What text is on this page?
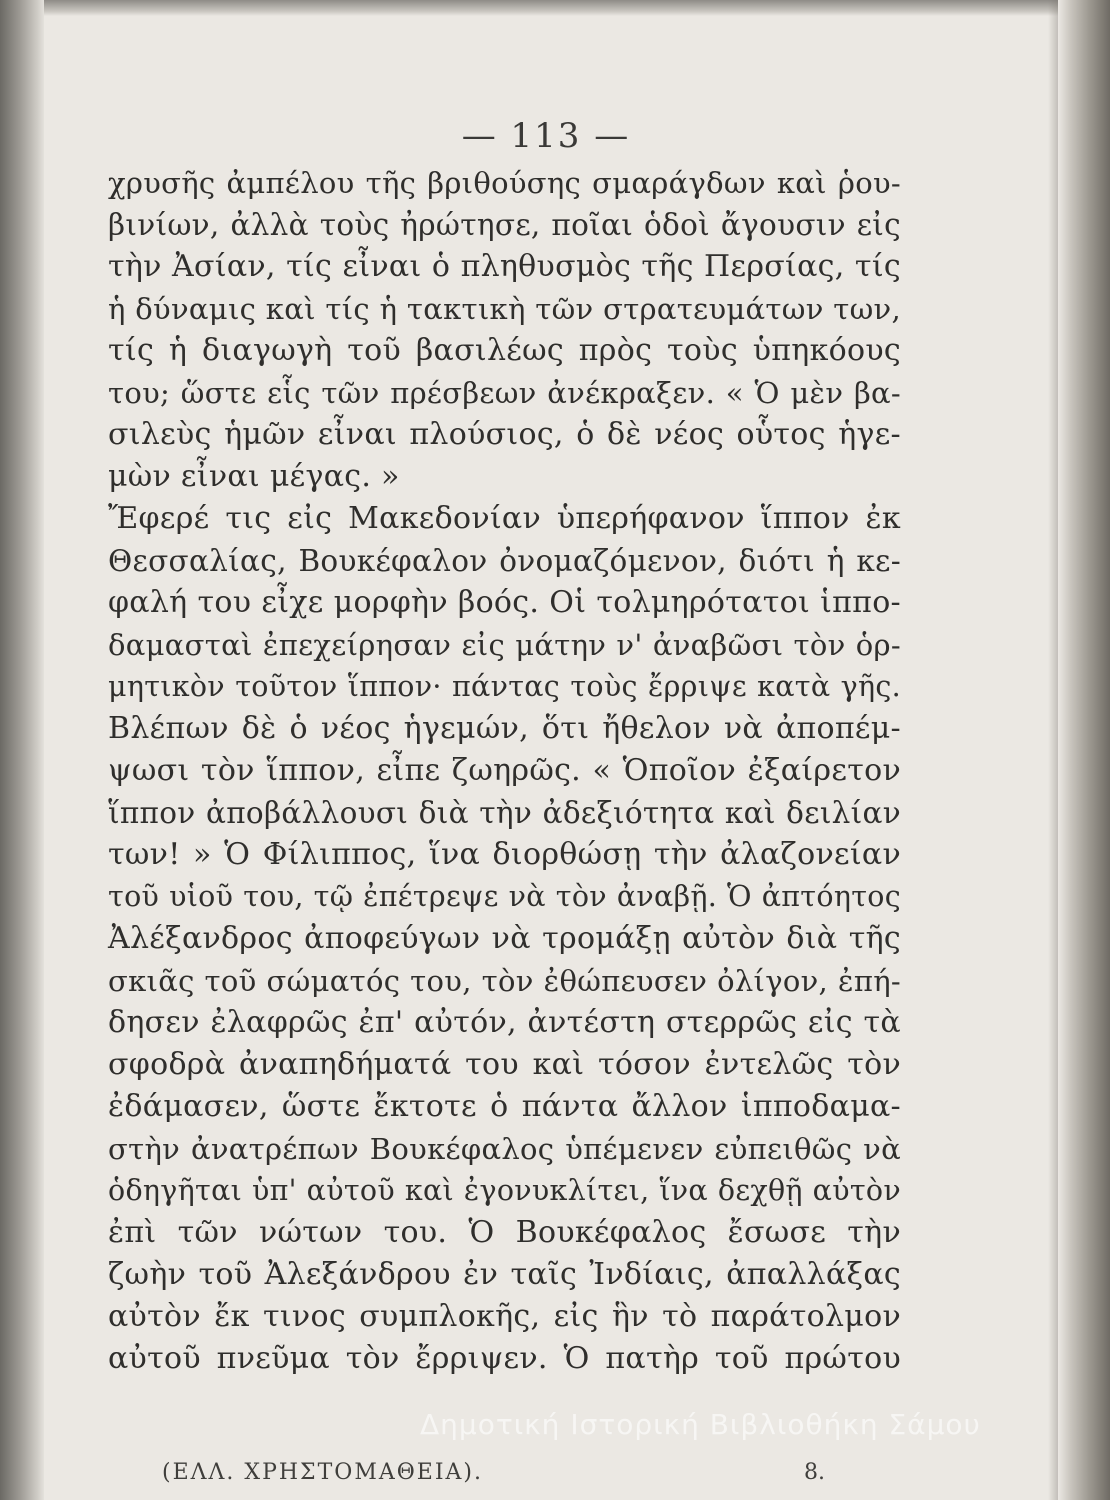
— 113 —
χρυσῆς ἀμπέλου τῆς βριθούσης σμαράγδων καὶ ῥου-
βινίων, ἀλλὰ τοὺς ἠρώτησε, ποῖαι ὁδοὶ ἄγουσιν εἰς
τὴν Ἀσίαν, τίς εἶναι ὁ πληθυσμὸς τῆς Περσίας, τίς
ἡ δύναμις καὶ τίς ἡ τακτικὴ τῶν στρατευμάτων των,
τίς ἡ διαγωγὴ τοῦ βασιλέως πρὸς τοὺς ὑπηκόους
του; ὥστε εἷς τῶν πρέσβεων ἀνέκραξεν. « Ὁ μὲν βα-
σιλεὺς ἡμῶν εἶναι πλούσιος, ὁ δὲ νέος οὗτος ἡγε-
μὼν εἶναι μέγας. »
Ἔφερέ τις εἰς Μακεδονίαν ὑπερήφανον ἵππον ἐκ
Θεσσαλίας, Βουκέφαλον ὀνομαζόμενον, διότι ἡ κε-
φαλή του εἶχε μορφὴν βοός. Οἱ τολμηρότατοι ἱππο-
δαμασταὶ ἐπεχείρησαν εἰς μάτην ν' ἀναβῶσι τὸν ὁρ-
μητικὸν τοῦτον ἵππον· πάντας τοὺς ἔρριψε κατὰ γῆς.
Βλέπων δὲ ὁ νέος ἡγεμών, ὅτι ἤθελον νὰ ἀποπέμ-
ψωσι τὸν ἵππον, εἶπε ζωηρῶς. « Ὁποῖον ἐξαίρετον
ἵππον ἀποβάλλουσι διὰ τὴν ἀδεξιότητα καὶ δειλίαν
των! » Ὁ Φίλιππος, ἵνα διορθώσῃ τὴν ἀλαζονείαν
τοῦ υἱοῦ του, τῷ ἐπέτρεψε νὰ τὸν ἀναβῇ. Ὁ ἀπτόητος
Ἀλέξανδρος ἀποφεύγων νὰ τρομάξῃ αὐτὸν διὰ τῆς
σκιᾶς τοῦ σώματός του, τὸν ἐθώπευσεν ὀλίγον, ἐπή-
δησεν ἐλαφρῶς ἐπ' αὐτόν, ἀντέστη στερρῶς εἰς τὰ
σφοδρὰ ἀναπηδήματά του καὶ τόσον ἐντελῶς τὸν
ἐδάμασεν, ὥστε ἔκτοτε ὁ πάντα ἄλλον ἱπποδαμα-
στὴν ἀνατρέπων Βουκέφαλος ὑπέμενεν εὐπειθῶς νὰ
ὁδηγῆται ὑπ' αὐτοῦ καὶ ἐγονυκλίτει, ἵνα δεχθῇ αὐτὸν
ἐπὶ τῶν νώτων του. Ὁ Βουκέφαλος ἔσωσε τὴν
ζωὴν τοῦ Ἀλεξάνδρου ἐν ταῖς Ἰνδίαις, ἀπαλλάξας
αὐτὸν ἔκ τινος συμπλοκῆς, εἰς ἣν τὸ παράτολμον
αὐτοῦ πνεῦμα τὸν ἔρριψεν. Ὁ πατὴρ τοῦ πρώτου
Δημοτική Ιστορική Βιβλιοθήκη Σάμου
(ΕΛΛ. ΧΡΗΣΤΟΜΑΘΕΙΑ).	8.
